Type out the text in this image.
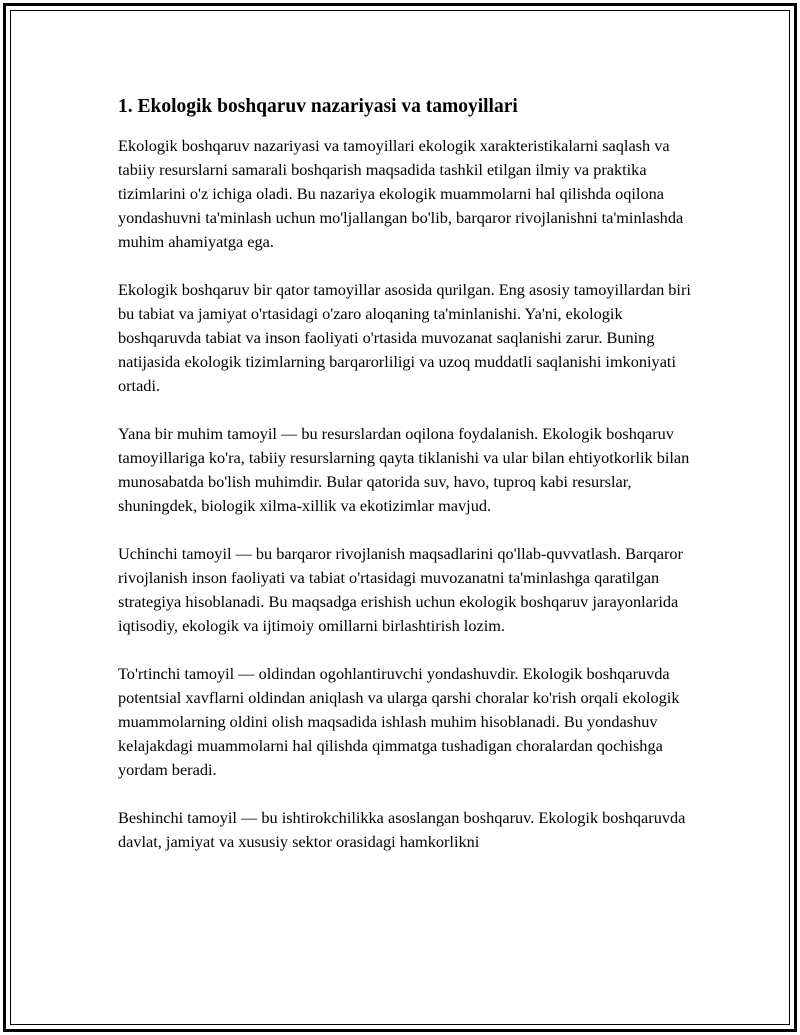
1. Ekologik boshqaruv nazariyasi va tamoyillari

Ekologik boshqaruv nazariyasi va tamoyillari ekologik xarakteristikalarni saqlash va tabiiy resurslarni samarali boshqarish maqsadida tashkil etilgan ilmiy va praktika tizimlarini o'z ichiga oladi. Bu nazariya ekologik muammolarni hal qilishda oqilona yondashuvni ta'minlash uchun mo'ljallangan bo'lib, barqaror rivojlanishni ta'minlashda muhim ahamiyatga ega.

Ekologik boshqaruv bir qator tamoyillar asosida qurilgan. Eng asosiy tamoyillardan biri bu tabiat va jamiyat o'rtasidagi o'zaro aloqaning ta'minlanishi. Ya'ni, ekologik boshqaruvda tabiat va inson faoliyati o'rtasida muvozanat saqlanishi zarur. Buning natijasida ekologik tizimlarning barqarorliligi va uzoq muddatli saqlanishi imkoniyati ortadi.

Yana bir muhim tamoyil — bu resurslardan oqilona foydalanish. Ekologik boshqaruv tamoyillariga ko'ra, tabiiy resurslarning qayta tiklanishi va ular bilan ehtiyotkorlik bilan munosabatda bo'lish muhimdir. Bular qatorida suv, havo, tuproq kabi resurslar, shuningdek, biologik xilma-xillik va ekotizimlar mavjud.

Uchinchi tamoyil — bu barqaror rivojlanish maqsadlarini qo'llab-quvvatlash. Barqaror rivojlanish inson faoliyati va tabiat o'rtasidagi muvozanatni ta'minlashga qaratilgan strategiya hisoblanadi. Bu maqsadga erishish uchun ekologik boshqaruv jarayonlarida iqtisodiy, ekologik va ijtimoiy omillarni birlashtirish lozim.

To'rtinchi tamoyil — oldindan ogohlantiruvchi yondashuvdir. Ekologik boshqaruvda potentsial xavflarni oldindan aniqlash va ularga qarshi choralar ko'rish orqali ekologik muammolarning oldini olish maqsadida ishlash muhim hisoblanadi. Bu yondashuv kelajakdagi muammolarni hal qilishda qimmatga tushadigan choralardan qochishga yordam beradi.

Beshinchi tamoyil — bu ishtirokchilikka asoslangan boshqaruv. Ekologik boshqaruvda davlat, jamiyat va xususiy sektor orasidagi hamkorlikni
